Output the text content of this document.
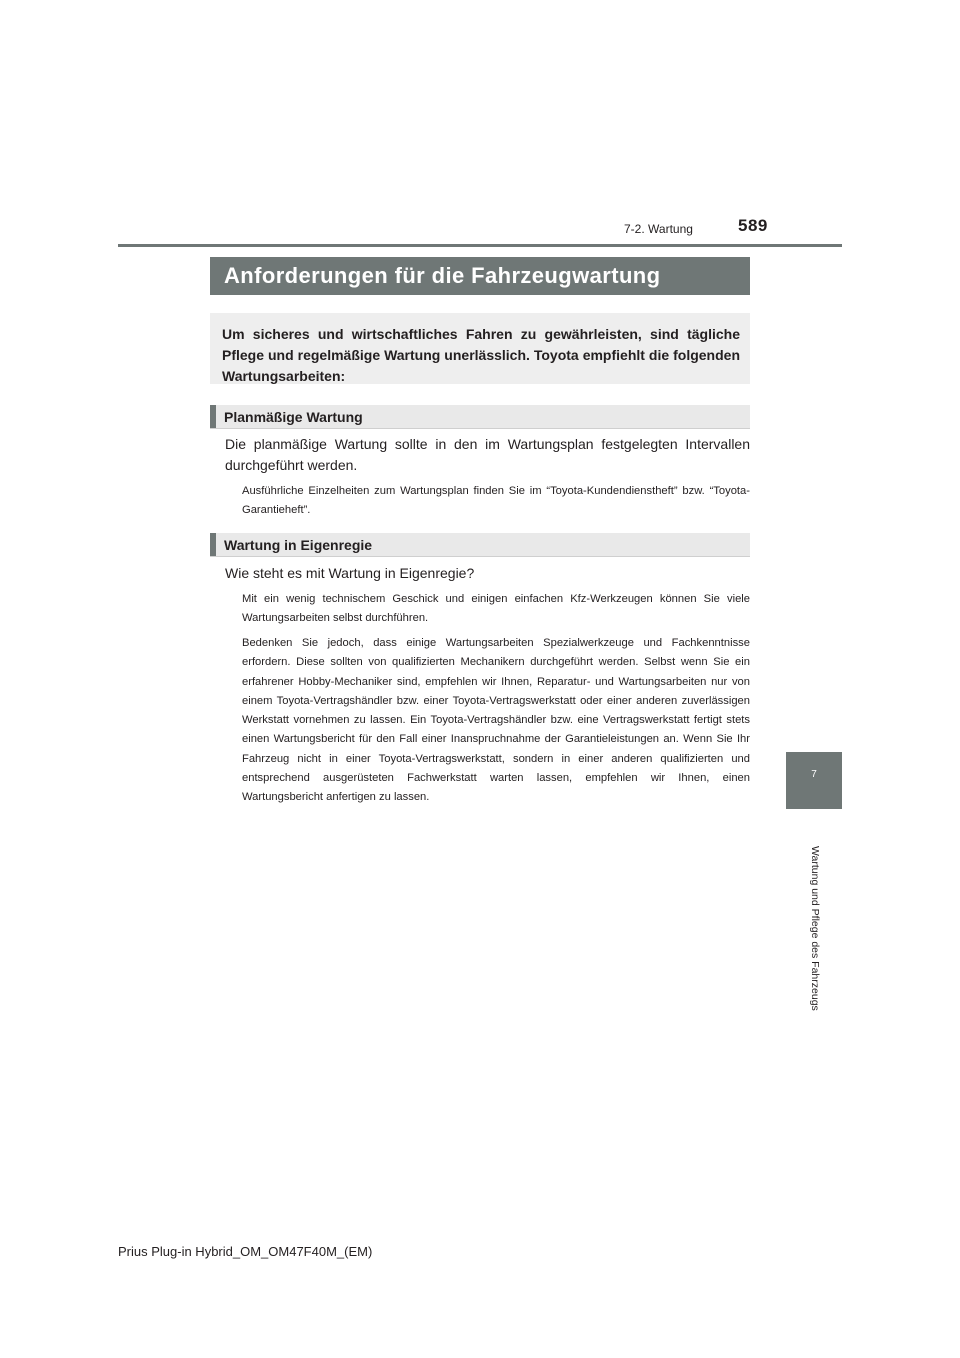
7-2. Wartung	589
Anforderungen für die Fahrzeugwartung
Um sicheres und wirtschaftliches Fahren zu gewährleisten, sind tägliche Pflege und regelmäßige Wartung unerlässlich. Toyota empfiehlt die folgenden Wartungsarbeiten:
Planmäßige Wartung
Die planmäßige Wartung sollte in den im Wartungsplan festgelegten Intervallen durchgeführt werden.
Ausführliche Einzelheiten zum Wartungsplan finden Sie im “Toyota-Kundendienstheft” bzw. “Toyota-Garantieheft”.
Wartung in Eigenregie
Wie steht es mit Wartung in Eigenregie?
Mit ein wenig technischem Geschick und einigen einfachen Kfz-Werkzeugen können Sie viele Wartungsarbeiten selbst durchführen.
Bedenken Sie jedoch, dass einige Wartungsarbeiten Spezialwerkzeuge und Fachkenntnisse erfordern. Diese sollten von qualifizierten Mechanikern durchgeführt werden. Selbst wenn Sie ein erfahrener Hobby-Mechaniker sind, empfehlen wir Ihnen, Reparatur- und Wartungsarbeiten nur von einem Toyota-Vertragshändler bzw. einer Toyota-Vertragswerkstatt oder einer anderen zuverlässigen Werkstatt vornehmen zu lassen. Ein Toyota-Vertragshändler bzw. eine Vertragswerkstatt fertigt stets einen Wartungsbericht für den Fall einer Inanspruchnahme der Garantieleistungen an. Wenn Sie Ihr Fahrzeug nicht in einer Toyota-Vertragswerkstatt, sondern in einer anderen qualifizierten und entsprechend ausgerüsteten Fachwerkstatt warten lassen, empfehlen wir Ihnen, einen Wartungsbericht anfertigen zu lassen.
7
Wartung und Pflege des Fahrzeugs
Prius Plug-in Hybrid_OM_OM47F40M_(EM)
